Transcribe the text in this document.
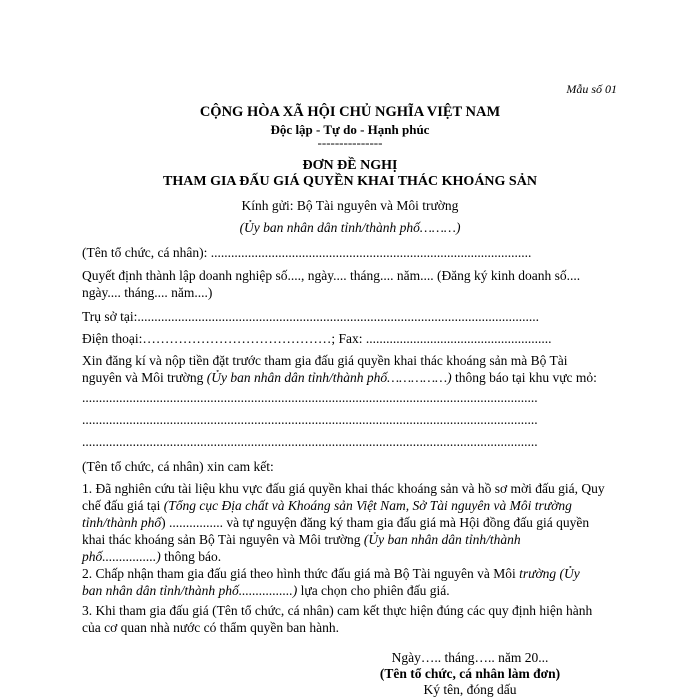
Mẫu số 01
CỘNG HÒA XÃ HỘI CHỦ NGHĨA VIỆT NAM
Độc lập - Tự do - Hạnh phúc
---------------
ĐƠN ĐỀ NGHỊ
THAM GIA ĐẤU GIÁ QUYỀN KHAI THÁC KHOÁNG SẢN
Kính gửi: Bộ Tài nguyên và Môi trường
(Ủy ban nhân dân tỉnh/thành phố………)
(Tên tổ chức, cá nhân): ...............................................................................................
Quyết định thành lập doanh nghiệp số...., ngày.... tháng.... năm.... (Đăng ký kinh doanh số....
ngày.... tháng.... năm....)
Trụ sở tại:.......................................................................................................................
Điện thoại:……………………………………; Fax: .......................................................
Xin đăng kí và nộp tiền đặt trước tham gia đấu giá quyền khai thác khoáng sản mà Bộ Tài
nguyên và Môi trường (Ủy ban nhân dân tỉnh/thành phố……………) thông báo tại khu vực mỏ:
.......................................................................................................................................
.......................................................................................................................................
.......................................................................................................................................
(Tên tổ chức, cá nhân) xin cam kết:
1. Đã nghiên cứu tài liệu khu vực đấu giá quyền khai thác khoáng sản và hồ sơ mời đấu giá, Quy
chế đấu giá tại (Tổng cục Địa chất và Khoáng sản Việt Nam, Sở Tài nguyên và Môi trường
tỉnh/thành phố) ................ và tự nguyện đăng ký tham gia đấu giá mà Hội đồng đấu giá quyền
khai thác khoáng sản Bộ Tài nguyên và Môi trường (Ủy ban nhân dân tỉnh/thành
phố................) thông báo.
2. Chấp nhận tham gia đấu giá theo hình thức đấu giá mà Bộ Tài nguyên và Môi trường (Ủy
ban nhân dân tỉnh/thành phố................) lựa chọn cho phiên đấu giá.
3. Khi tham gia đấu giá (Tên tổ chức, cá nhân) cam kết thực hiện đúng các quy định hiện hành
của cơ quan nhà nước có thẩm quyền ban hành.
Ngày….. tháng….. năm 20...
(Tên tổ chức, cá nhân làm đơn)
Ký tên, đóng dấu
